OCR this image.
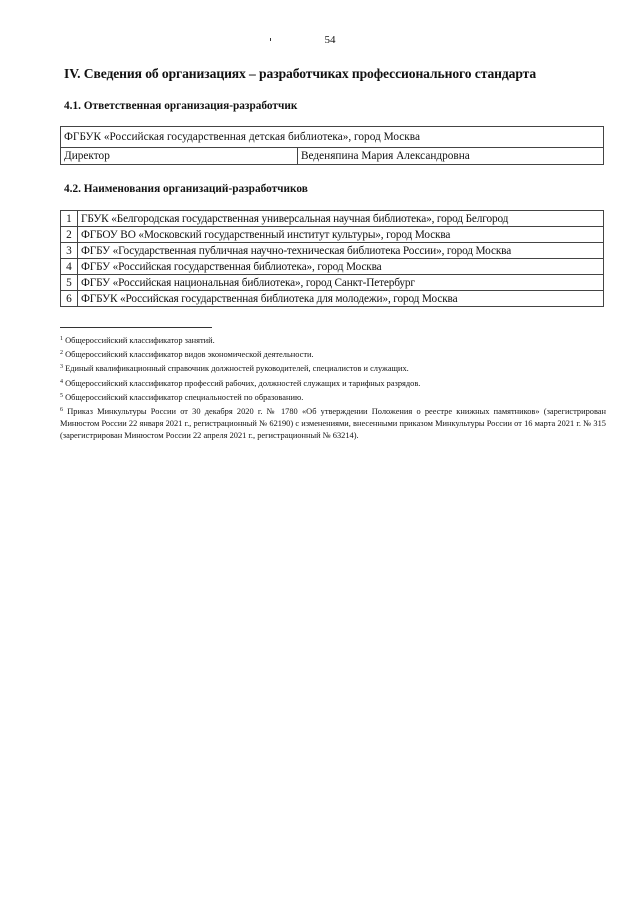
54
IV. Сведения об организациях – разработчиках профессионального стандарта
4.1. Ответственная организация-разработчик
ФГБУК «Российская государственная детская библиотека», город Москва
Директор	Веденяпина Мария Александровна
4.2. Наименования организаций-разработчиков
1	ГБУК «Белгородская государственная универсальная научная библиотека», город Белгород
2	ФГБОУ ВО «Московский государственный институт культуры», город Москва
3	ФГБУ «Государственная публичная научно-техническая библиотека России», город Москва
4	ФГБУ «Российская государственная библиотека», город Москва
5	ФГБУ «Российская национальная библиотека», город Санкт-Петербург
6	ФГБУК «Российская государственная библиотека для молодежи», город Москва
$^1$ Общероссийский классификатор занятий.
$^2$ Общероссийский классификатор видов экономической деятельности.
$^3$ Единый квалификационный справочник должностей руководителей, специалистов и служащих.
$^4$ Общероссийский классификатор профессий рабочих, должностей служащих и тарифных разрядов.
$^5$ Общероссийский классификатор специальностей по образованию.
$^6$ Приказ Минкультуры России от 30 декабря 2020 г. № 1780 «Об утверждении Положения о реестре книжных памятников» (зарегистрирован Минюстом России 22 января 2021 г., регистрационный № 62190) с изменениями, внесенными приказом Минкультуры России от 16 марта 2021 г. № 315 (зарегистрирован Минюстом России 22 апреля 2021 г., регистрационный № 63214).
